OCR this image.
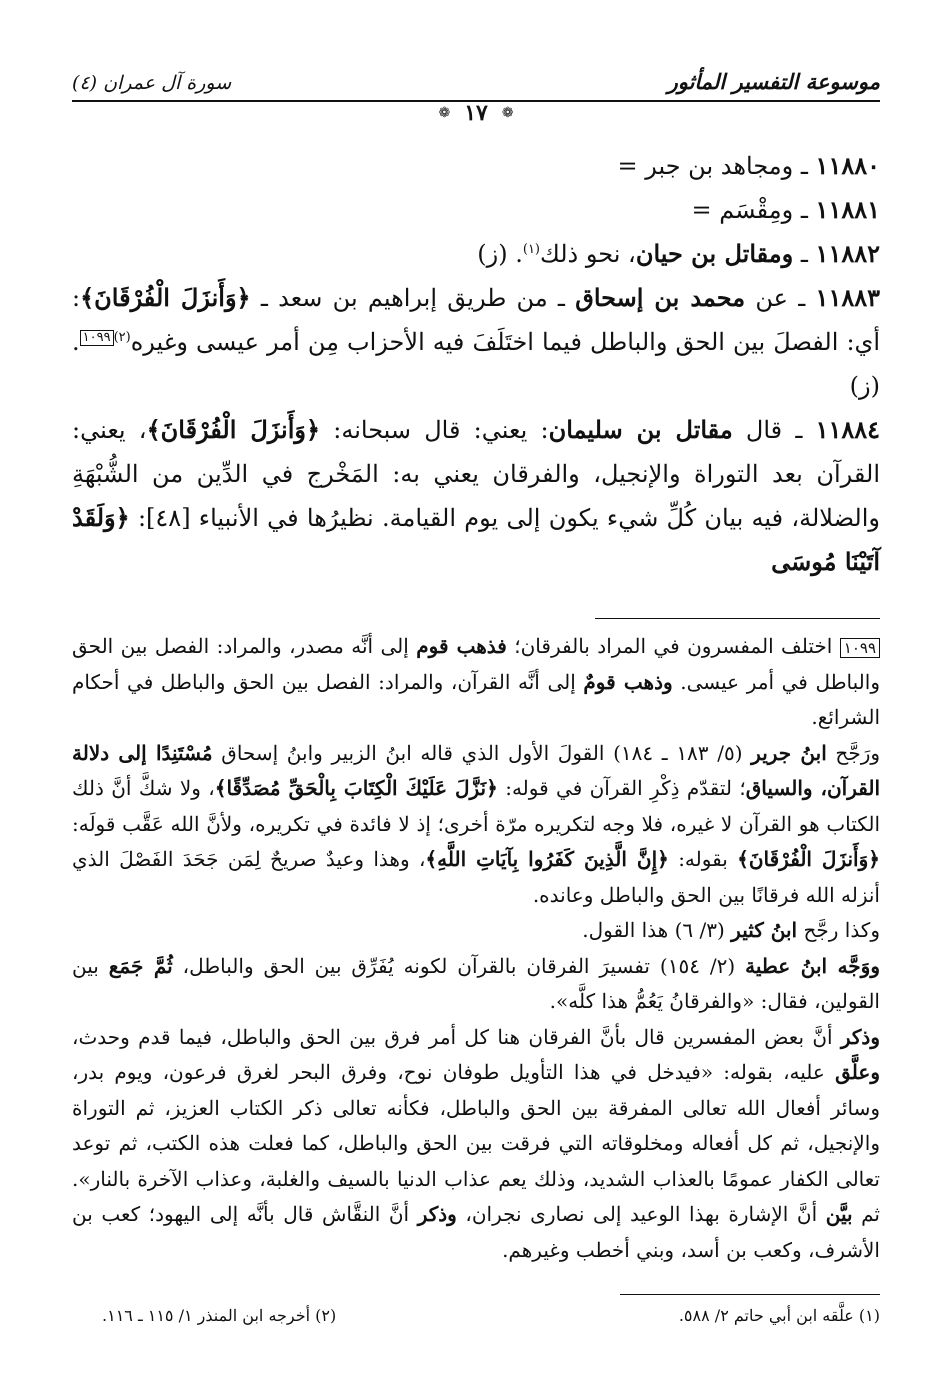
موسوعة التفسير المأثور
سورة آل عمران (٤)
❁
١٧
❁

١١٨٨٠ ـ ومجاهد بن جبر =

١١٨٨١ ـ ومِقْسَم =

١١٨٨٢ ـ ومقاتل بن حيان، نحو ذلك$^{(١)}$. (ز)

١١٨٨٣ ـ عن محمد بن إسحاق ـ من طريق إبراهيم بن سعد ـ ﴿وَأَنزَلَ الْفُرْقَانَ﴾: أي: الفصلَ بين الحق والباطل فيما اختَلَفَ فيه الأحزاب مِن أمر عيسى وغيره$^{(٢)}$١٠٩٩. (ز)

١١٨٨٤ ـ قال مقاتل بن سليمان: يعني: قال سبحانه: ﴿وَأَنزَلَ الْفُرْقَانَ﴾، يعني: القرآن بعد التوراة والإنجيل، والفرقان يعني به: المَخْرج في الدِّين من الشُّبْهَةِ والضلالة، فيه بيان كُلِّ شيء يكون إلى يوم القيامة. نظيرُها في الأنبياء [٤٨]: ﴿وَلَقَدْ آتَيْنَا مُوسَى

١٠٩٩ اختلف المفسرون في المراد بالفرقان؛ فذهب قوم إلى أنَّه مصدر، والمراد: الفصل بين الحق والباطل في أمر عيسى. وذهب قومٌ إلى أنَّه القرآن، والمراد: الفصل بين الحق والباطل في أحكام الشرائع.

ورَجَّح ابنُ جرير (٥/ ١٨٣ ـ ١٨٤) القولَ الأول الذي قاله ابنُ الزبير وابنُ إسحاق مُسْتَنِدًا إلى دلالة القرآن، والسياق؛ لتقدّم ذِكْرِ القرآن في قوله: ﴿نَزَّلَ عَلَيْكَ الْكِتَابَ بِالْحَقِّ مُصَدِّقًا﴾، ولا شكَّ أنَّ ذلك الكتاب هو القرآن لا غيره، فلا وجه لتكريره مرّة أخرى؛ إذ لا فائدة في تكريره، ولأنَّ الله عَقَّب قولَه: ﴿وَأَنزَلَ الْفُرْقَانَ﴾ بقوله: ﴿إِنَّ الَّذِينَ كَفَرُوا بِآيَاتِ اللَّهِ﴾، وهذا وعيدٌ صريحٌ لِمَن جَحَدَ الفَصْلَ الذي أنزله الله فرقانًا بين الحق والباطل وعانده.

وكذا رجَّح ابنُ كثير (٣/ ٦) هذا القول.

ووَجَّه ابنُ عطية (٢/ ١٥٤) تفسيرَ الفرقان بالقرآن لكونه يُفَرِّق بين الحق والباطل، ثُمَّ جَمَع بين القولين، فقال: «والفرقانُ يَعُمُّ هذا كلَّه».

وذكر أنَّ بعض المفسرين قال بأنَّ الفرقان هنا كل أمر فرق بين الحق والباطل، فيما قدم وحدث، وعلَّق عليه، بقوله: «فيدخل في هذا التأويل طوفان نوح، وفرق البحر لغرق فرعون، ويوم بدر، وسائر أفعال الله تعالى المفرقة بين الحق والباطل، فكأنه تعالى ذكر الكتاب العزيز، ثم التوراة والإنجيل، ثم كل أفعاله ومخلوقاته التي فرقت بين الحق والباطل، كما فعلت هذه الكتب، ثم توعد تعالى الكفار عمومًا بالعذاب الشديد، وذلك يعم عذاب الدنيا بالسيف والغلبة، وعذاب الآخرة بالنار». ثم بيَّن أنَّ الإشارة بهذا الوعيد إلى نصارى نجران، وذكر أنَّ النقَّاش قال بأنَّه إلى اليهود؛ كعب بن الأشرف، وكعب بن أسد، وبني أخطب وغيرهم.

(١) علَّقه ابن أبي حاتم ٢/ ٥٨٨.
(٢) أخرجه ابن المنذر ١/ ١١٥ ـ ١١٦.
